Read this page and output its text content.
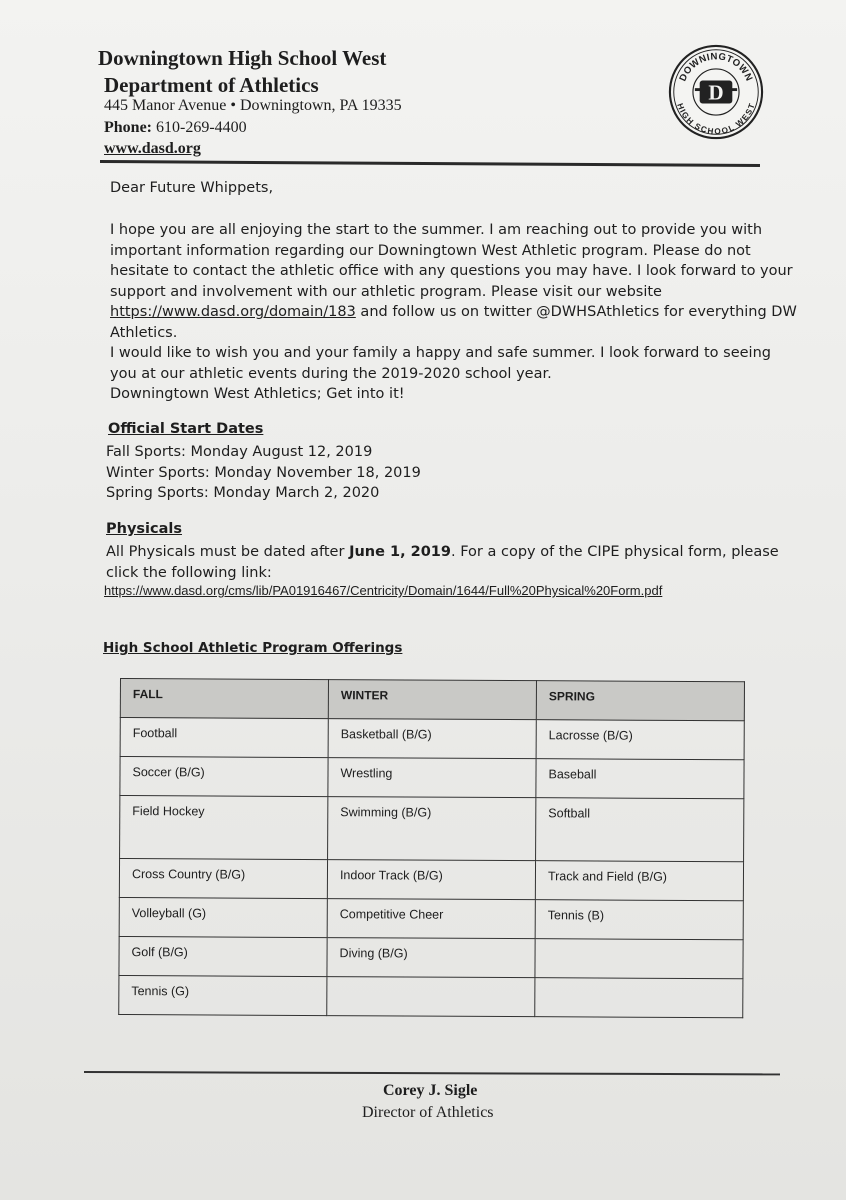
Downingtown High School West
Department of Athletics
445 Manor Avenue • Downingtown, PA 19335
Phone: 610-269-4400
www.dasd.org
DOWNINGTOWN
HIGH SCHOOL WEST
D
Dear Future Whippets,
I hope you are all enjoying the start to the summer. I am reaching out to provide you with important information regarding our Downingtown West Athletic program. Please do not hesitate to contact the athletic office with any questions you may have. I look forward to your support and involvement with our athletic program. Please visit our website https://www.dasd.org/domain/183 and follow us on twitter @DWHSAthletics for everything DW Athletics.
I would like to wish you and your family a happy and safe summer. I look forward to seeing you at our athletic events during the 2019-2020 school year.
Downingtown West Athletics; Get into it!
Official Start Dates
Fall Sports: Monday August 12, 2019
Winter Sports: Monday November 18, 2019
Spring Sports: Monday March 2, 2020
Physicals
All Physicals must be dated after June 1, 2019. For a copy of the CIPE physical form, please click the following link:
https://www.dasd.org/cms/lib/PA01916467/Centricity/Domain/1644/Full%20Physical%20Form.pdf
High School Athletic Program Offerings
FALL	WINTER	SPRING
Football	Basketball (B/G)	Lacrosse (B/G)
Soccer (B/G)	Wrestling	Baseball
Field Hockey	Swimming (B/G)	Softball
Cross Country (B/G)	Indoor Track (B/G)	Track and Field (B/G)
Volleyball (G)	Competitive Cheer	Tennis (B)
Golf (B/G)	Diving (B/G)	
Tennis (G)		
Corey J. Sigle
Director of Athletics
